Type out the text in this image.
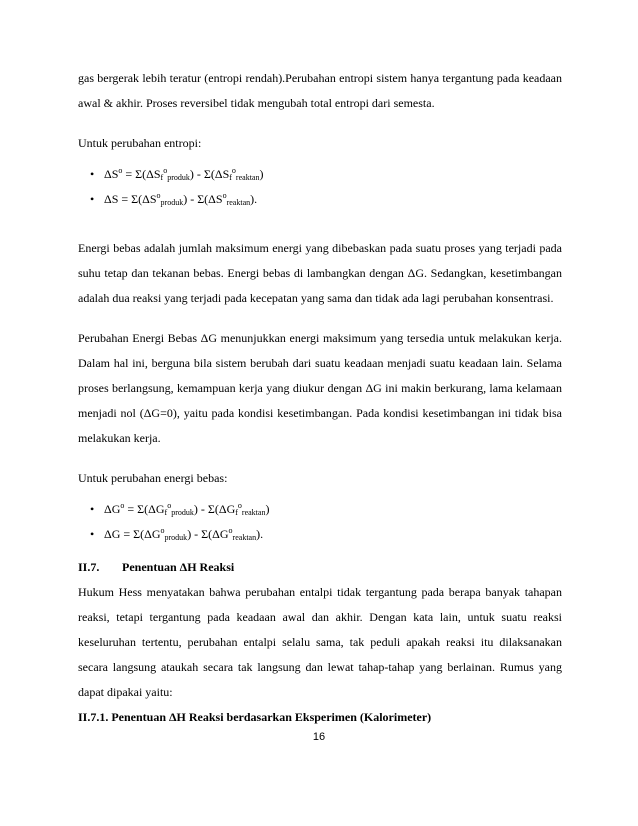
gas bergerak lebih teratur (entropi rendah).Perubahan entropi sistem hanya tergantung pada keadaan awal & akhir. Proses reversibel tidak mengubah total entropi dari semesta.

Untuk perubahan entropi:

• $\Delta S^o = \Sigma(\Delta S_f^o_{produk}) - \Sigma(\Delta S_f^o_{reaktan})$
• $\Delta S = \Sigma(\Delta S^o_{produk}) - \Sigma(\Delta S^o_{reaktan})$.

Energi bebas adalah jumlah maksimum energi yang dibebaskan pada suatu proses yang terjadi pada suhu tetap dan tekanan bebas. Energi bebas di lambangkan dengan ΔG. Sedangkan, kesetimbangan adalah dua reaksi yang terjadi pada kecepatan yang sama dan tidak ada lagi perubahan konsentrasi.

Perubahan Energi Bebas ΔG menunjukkan energi maksimum yang tersedia untuk melakukan kerja. Dalam hal ini, berguna bila sistem berubah dari suatu keadaan menjadi suatu keadaan lain. Selama proses berlangsung, kemampuan kerja yang diukur dengan ΔG ini makin berkurang, lama kelamaan menjadi nol (ΔG=0), yaitu pada kondisi kesetimbangan. Pada kondisi kesetimbangan ini tidak bisa melakukan kerja.

Untuk perubahan energi bebas:

• $\Delta G^o = \Sigma(\Delta G_f^o_{produk}) - \Sigma(\Delta G_f^o_{reaktan})$
• $\Delta G = \Sigma(\Delta G^o_{produk}) - \Sigma(\Delta G^o_{reaktan})$.
II.7. Penentuan ΔH Reaksi

Hukum Hess menyatakan bahwa perubahan entalpi tidak tergantung pada berapa banyak tahapan reaksi, tetapi tergantung pada keadaan awal dan akhir. Dengan kata lain, untuk suatu reaksi keseluruhan tertentu, perubahan entalpi selalu sama, tak peduli apakah reaksi itu dilaksanakan secara langsung ataukah secara tak langsung dan lewat tahap-tahap yang berlainan. Rumus yang dapat dipakai yaitu:

II.7.1. Penentuan ΔH Reaksi berdasarkan Eksperimen (Kalorimeter)
16
